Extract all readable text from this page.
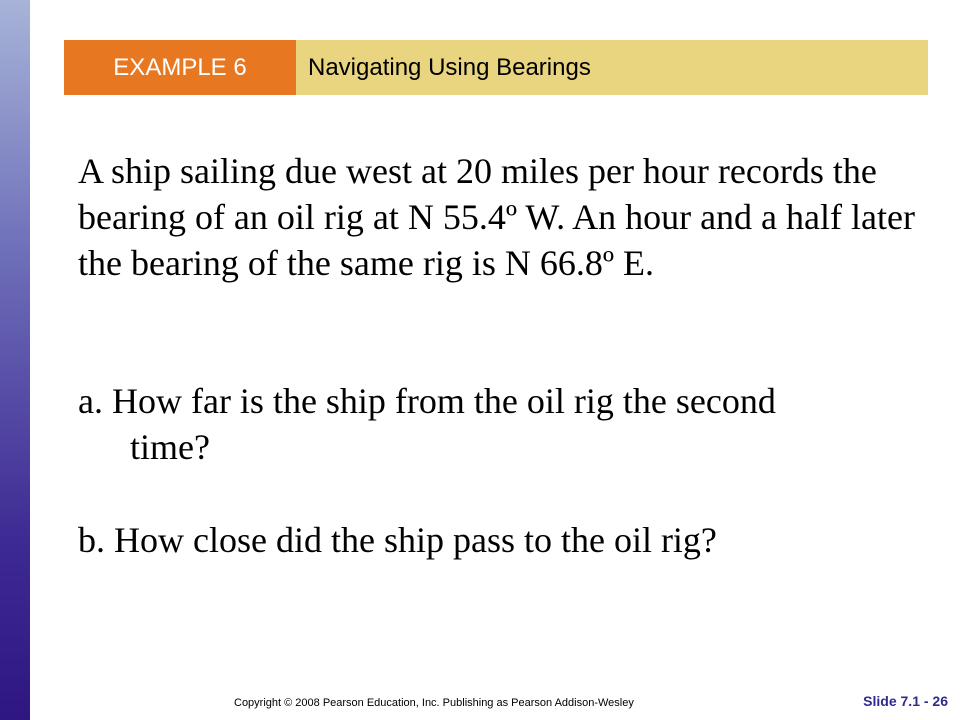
EXAMPLE 6	Navigating Using Bearings

A ship sailing due west at 20 miles per hour records the bearing of an oil rig at N 55.4º W. An hour and a half later the bearing of the same rig is N 66.8º E.

a. How far is the ship from the oil rig the second
time?

b. How close did the ship pass to the oil rig?

Copyright © 2008 Pearson Education, Inc. Publishing as Pearson Addison-Wesley	Slide 7.1 - 26
